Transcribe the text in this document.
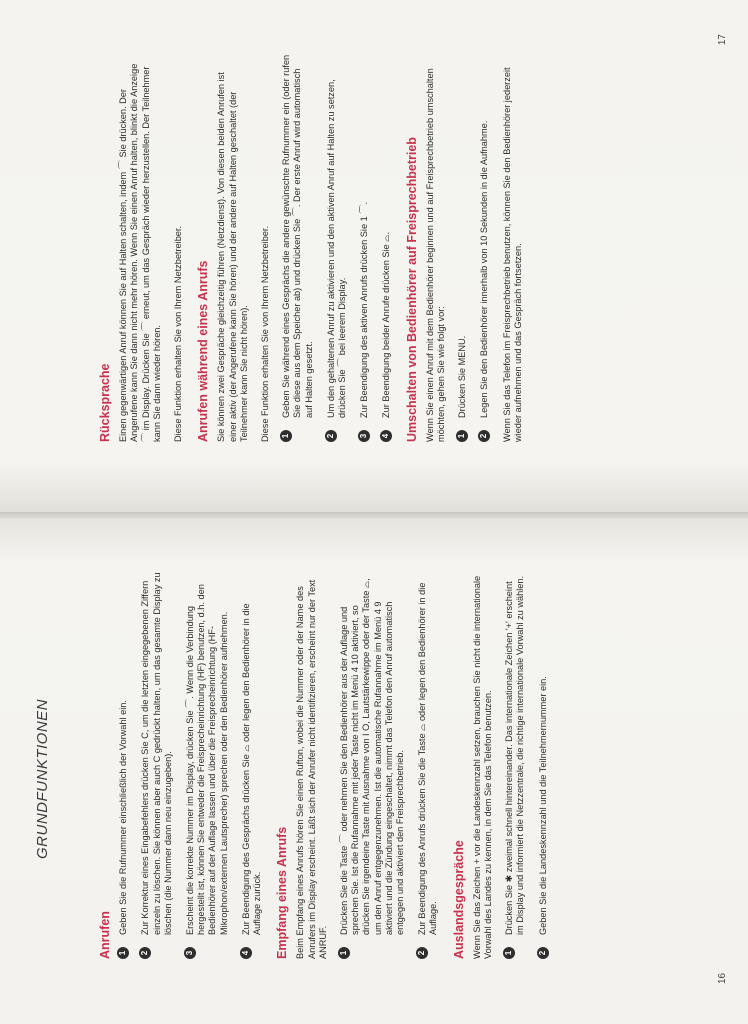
GRUNDFUNKTIONEN
Anrufen 1
Geben Sie die Rufnummer einschließlich der Vorwahl ein.
2
Zur Korrektur eines Eingabefehlers drücken Sie C, um die letzten eingegebenen Ziffern einzeln zu löschen. Sie können aber auch C gedrückt halten, um das gesamte Display zu löschen (die Nummer dann neu einzugeben).
3
Erscheint die korrekte Nummer im Display, drücken Sie ⌒. Wenn die Verbindung hergestellt ist, können Sie entweder die Freisprecheinrichtung (HF) benutzen, d.h. den Bedienhörer auf der Auflage lassen und über die Freisprecheinrichtung (HF-Mikrophon/externen Lautsprecher) sprechen oder den Bedienhörer aufnehmen.
4
Zur Beendigung des Gesprächs drücken Sie ⌓ oder legen den Bedienhörer in die Auflage zurück. Empfang eines Anrufs Beim Empfang eines Anrufs hören Sie einen Rufton, wobei die Nummer oder der Name des Anrufers im Display erscheint. Läßt sich der Anrufer nicht identifizieren, erscheint nur der Text ANRUF. 1
Drücken Sie die Taste ⌒ oder nehmen Sie den Bedienhörer aus der Auflage und sprechen Sie. Ist die Rufannahme mit jeder Taste nicht im Menü 4 10 aktiviert, so drücken Sie irgendeine Taste mit Ausnahme von I O, Lautstärkewippe oder der Taste ⌓, um den Anruf entgegenzunehmen. Ist die automatische Rufannahme im Menü 4 9 aktiviert und die Zündung eingeschaltet, nimmt das Telefon den Anruf automatisch entgegen und aktiviert den Freisprechbetrieb.
2
Zur Beendigung des Anrufs drücken Sie die Taste ⌓ oder legen den Bedienhörer in die Auflage. Auslandsgespräche Wenn Sie das Zeichen + vor die Landeskennzahl setzen, brauchen Sie nicht die internationale Vorwahl des Landes zu kennen, in dem Sie das Telefon benutzen. 1
Drücken Sie ✱ zweimal schnell hintereinander. Das internationale Zeichen '+' erscheint im Display und informiert die Netzzentrale, die richtige internationale Vorwahl zu wählen.
2
Geben Sie die Landeskennzahl und die Teilnehmernummer ein.
16
Rücksprache Einen gegenwärtigen Anruf können Sie auf Halten schalten, indem ⌒ Sie drücken. Der Angerufene kann Sie dann nicht mehr hören. Wenn Sie einen Anruf halten, blinkt die Anzeige ⌒ im Display. Drücken Sie ⌒ erneut, um das Gespräch wieder herzustellen. Der Teilnehmer kann Sie dann wieder hören. Diese Funktion erhalten Sie von Ihrem Netzbetreiber. Anrufen während eines Anrufs Sie können zwei Gespräche gleichzeitig führen (Netzdienst). Von diesen beiden Anrufen ist einer aktiv (der Angerufene kann Sie hören) und der andere auf Halten geschaltet (der Teilnehmer kann Sie nicht hören). Diese Funktion erhalten Sie von Ihrem Netzbetreiber. 1
Geben Sie während eines Gesprächs die andere gewünschte Rufnummer ein (oder rufen Sie diese aus dem Speicher ab) und drücken Sie ⌒. Der erste Anruf wird automatisch auf Halten gesetzt.
2
Um den gehaltenen Anruf zu aktivieren und den aktiven Anruf auf Halten zu setzen, drücken Sie ⌒ bei leerem Display.
3
Zur Beendigung des aktiven Anrufs drücken Sie 1 ⌒.
4
Zur Beendigung beider Anrufe drücken Sie ⌓. Umschalten von Bedienhörer auf Freisprechbetrieb Wenn Sie einen Anruf mit dem Bedienhörer beginnen und auf Freisprechbetrieb umschalten möchten, gehen Sie wie folgt vor: 1
Drücken Sie MENU.
2
Legen Sie den Bedienhörer innerhalb von 10 Sekunden in die Aufnahme. Wenn Sie das Telefon im Freisprechbetrieb benutzen, können Sie den Bedienhörer jederzeit wieder aufnehmen und das Gespräch fortsetzen.

17
